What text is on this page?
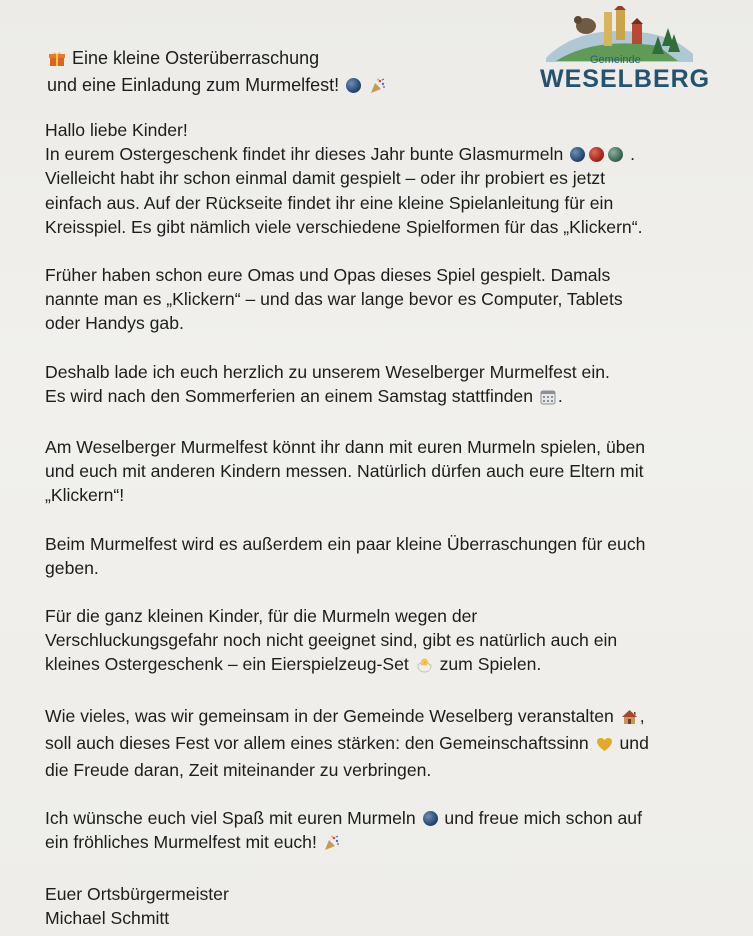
Eine kleine Osterüberraschung
und eine Einladung zum Murmelfest!
Gemeinde
WESELBERG
Hallo liebe Kinder!
In eurem Ostergeschenk findet ihr dieses Jahr bunte Glasmurmeln	.
Vielleicht habt ihr schon einmal damit gespielt – oder ihr probiert es jetzt
einfach aus. Auf der Rückseite findet ihr eine kleine Spielanleitung für ein
Kreisspiel. Es gibt nämlich viele verschiedene Spielformen für das „Klickern“.
Früher haben schon eure Omas und Opas dieses Spiel gespielt. Damals
nannte man es „Klickern“ – und das war lange bevor es Computer, Tablets
oder Handys gab.
Deshalb lade ich euch herzlich zu unserem Weselberger Murmelfest ein.
Es wird nach den Sommerferien an einem Samstag stattfinden .
Am Weselberger Murmelfest könnt ihr dann mit euren Murmeln spielen, üben
und euch mit anderen Kindern messen. Natürlich dürfen auch eure Eltern mit
„Klickern“!
Beim Murmelfest wird es außerdem ein paar kleine Überraschungen für euch
geben.
Für die ganz kleinen Kinder, für die Murmeln wegen der
Verschluckungsgefahr noch nicht geeignet sind, gibt es natürlich auch ein
kleines Ostergeschenk – ein Eierspielzeug-Set zum Spielen.
Wie vieles, was wir gemeinsam in der Gemeinde Weselberg veranstalten ,
soll auch dieses Fest vor allem eines stärken: den Gemeinschaftssinn und
die Freude daran, Zeit miteinander zu verbringen.
Ich wünsche euch viel Spaß mit euren Murmeln und freue mich schon auf
ein fröhliches Murmelfest mit euch!
Euer Ortsbürgermeister
Michael Schmitt
